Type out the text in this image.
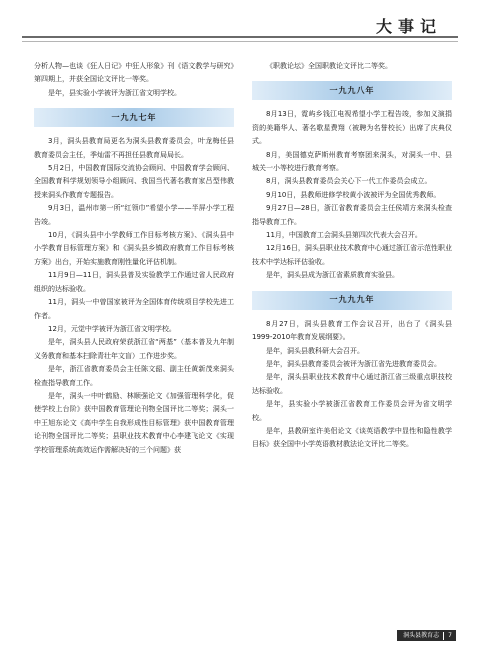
大事记

分析人物—也谈《狂人日记》中狂人形象》刊《语文教学与研究》第四期上，并获全国论文评比一等奖。

是年，县实验小学被评为浙江省文明学校。

一九九七年

3月，洞头县教育局更名为洞头县教育委员会，叶龙梅任县教育委员会主任，季灿雷不再担任县教育局局长。

5月2日，中国教育国际交流协会顾问、中国教育学会顾问、全国教育科学规划领导小组顾问、我国当代著名教育家吕型伟教授来洞头作教育专题报告。

9月3日，温州市第一所“红领巾”希望小学——半屏小学工程告竣。

10月，《洞头县中小学教师工作目标考核方案》、《洞头县中小学教育目标管理方案》和《洞头县乡镇政府教育工作目标考核方案》出台，开始实施教育刚性量化评估机制。

11月9日—11日，洞头县普及实验教学工作通过省人民政府组织的达标验收。

11月，洞头一中曾国家被评为全国体育传统项目学校先进工作者。

12月，元觉中学被评为浙江省文明学校。

是年，洞头县人民政府荣获浙江省“两基”（基本普及九年制义务教育和基本扫除青壮年文盲）工作进步奖。

是年，浙江省教育委员会主任陈文韶、副主任黄新茂来洞头检查指导教育工作。

是年，洞头一中叶鹤励、林顺强论文《加强管理科学化，促使学校上台阶》获中国教育管理论刊物全国评比二等奖；洞头一中王旭东论文《高中学生自我形成性目标管理》获中国教育管理论刊物全国评比二等奖；县职业技术教育中心李建飞论文《实现学校管理系统高效运作需解决好的三个问题》获

《职教论坛》全国职教论文评比二等奖。

一九九八年

8月13日，霓屿乡钱江电视希望小学工程告竣，参加义演捐资的美籍华人、著名歌星费翔（被聘为名誉校长）出席了庆典仪式。

8月，美国德克萨斯州教育考察团来洞头，对洞头一中、县城关一小等校进行教育考察。

8月，洞头县教育委员会关心下一代工作委员会成立。

9月10日，县教师进修学校黄小波被评为全国优秀教师。

9月27日—28日，浙江省教育委员会主任侯靖方来洞头检查指导教育工作。

11月，中国教育工会洞头县第四次代表大会召开。

12月16日，洞头县职业技术教育中心通过浙江省示范性职业技术中学达标评估验收。

是年，洞头县成为浙江省素质教育实验县。

一九九九年

8月27日，洞头县教育工作会议召开，出台了《洞头县1999-2010年教育发展纲要》。

是年，洞头县教科研大会召开。

是年，洞头县教育委员会被评为浙江省先进教育委员会。

是年，洞头县职业技术教育中心通过浙江省三级重点职技校达标验收。

是年，县实验小学被浙江省教育工作委员会评为省文明学校。

是年，县教研室许美侣论文《谈英语教学中显性和隐性教学目标》获全国中小学英语教材教法论文评比二等奖。

洞头县教育志 7
